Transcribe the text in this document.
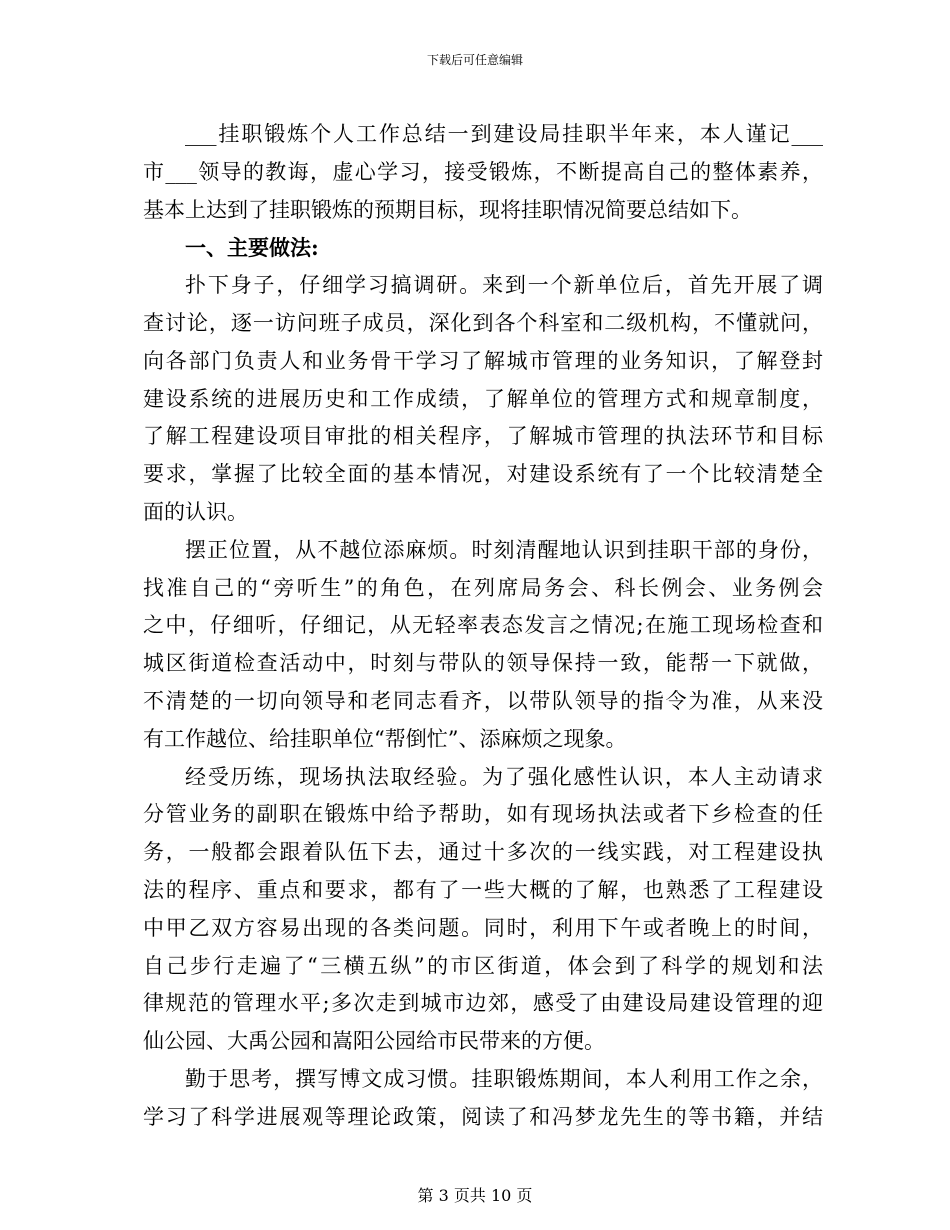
下载后可任意编辑
___挂职锻炼个人工作总结一到建设局挂职半年来，本人谨记___
市___领导的教诲，虚心学习，接受锻炼，不断提高自己的整体素养，
基本上达到了挂职锻炼的预期目标，现将挂职情况简要总结如下。
一、主要做法:
扑下身子，仔细学习搞调研。来到一个新单位后，首先开展了调
查讨论，逐一访问班子成员，深化到各个科室和二级机构，不懂就问，
向各部门负责人和业务骨干学习了解城市管理的业务知识，了解登封
建设系统的进展历史和工作成绩，了解单位的管理方式和规章制度，
了解工程建设项目审批的相关程序，了解城市管理的执法环节和目标
要求，掌握了比较全面的基本情况，对建设系统有了一个比较清楚全
面的认识。
摆正位置，从不越位添麻烦。时刻清醒地认识到挂职干部的身份，
找准自己的“旁听生”的角色，在列席局务会、科长例会、业务例会
之中，仔细听，仔细记，从无轻率表态发言之情况;在施工现场检查和
城区街道检查活动中，时刻与带队的领导保持一致，能帮一下就做，
不清楚的一切向领导和老同志看齐，以带队领导的指令为准，从来没
有工作越位、给挂职单位“帮倒忙”、添麻烦之现象。
经受历练，现场执法取经验。为了强化感性认识，本人主动请求
分管业务的副职在锻炼中给予帮助，如有现场执法或者下乡检查的任
务，一般都会跟着队伍下去，通过十多次的一线实践，对工程建设执
法的程序、重点和要求，都有了一些大概的了解，也熟悉了工程建设
中甲乙双方容易出现的各类问题。同时，利用下午或者晚上的时间，
自己步行走遍了“三横五纵”的市区街道，体会到了科学的规划和法
律规范的管理水平;多次走到城市边郊，感受了由建设局建设管理的迎
仙公园、大禹公园和嵩阳公园给市民带来的方便。
勤于思考，撰写博文成习惯。挂职锻炼期间，本人利用工作之余，
学习了科学进展观等理论政策，阅读了和冯梦龙先生的等书籍，并结
第 3 页共 10 页
